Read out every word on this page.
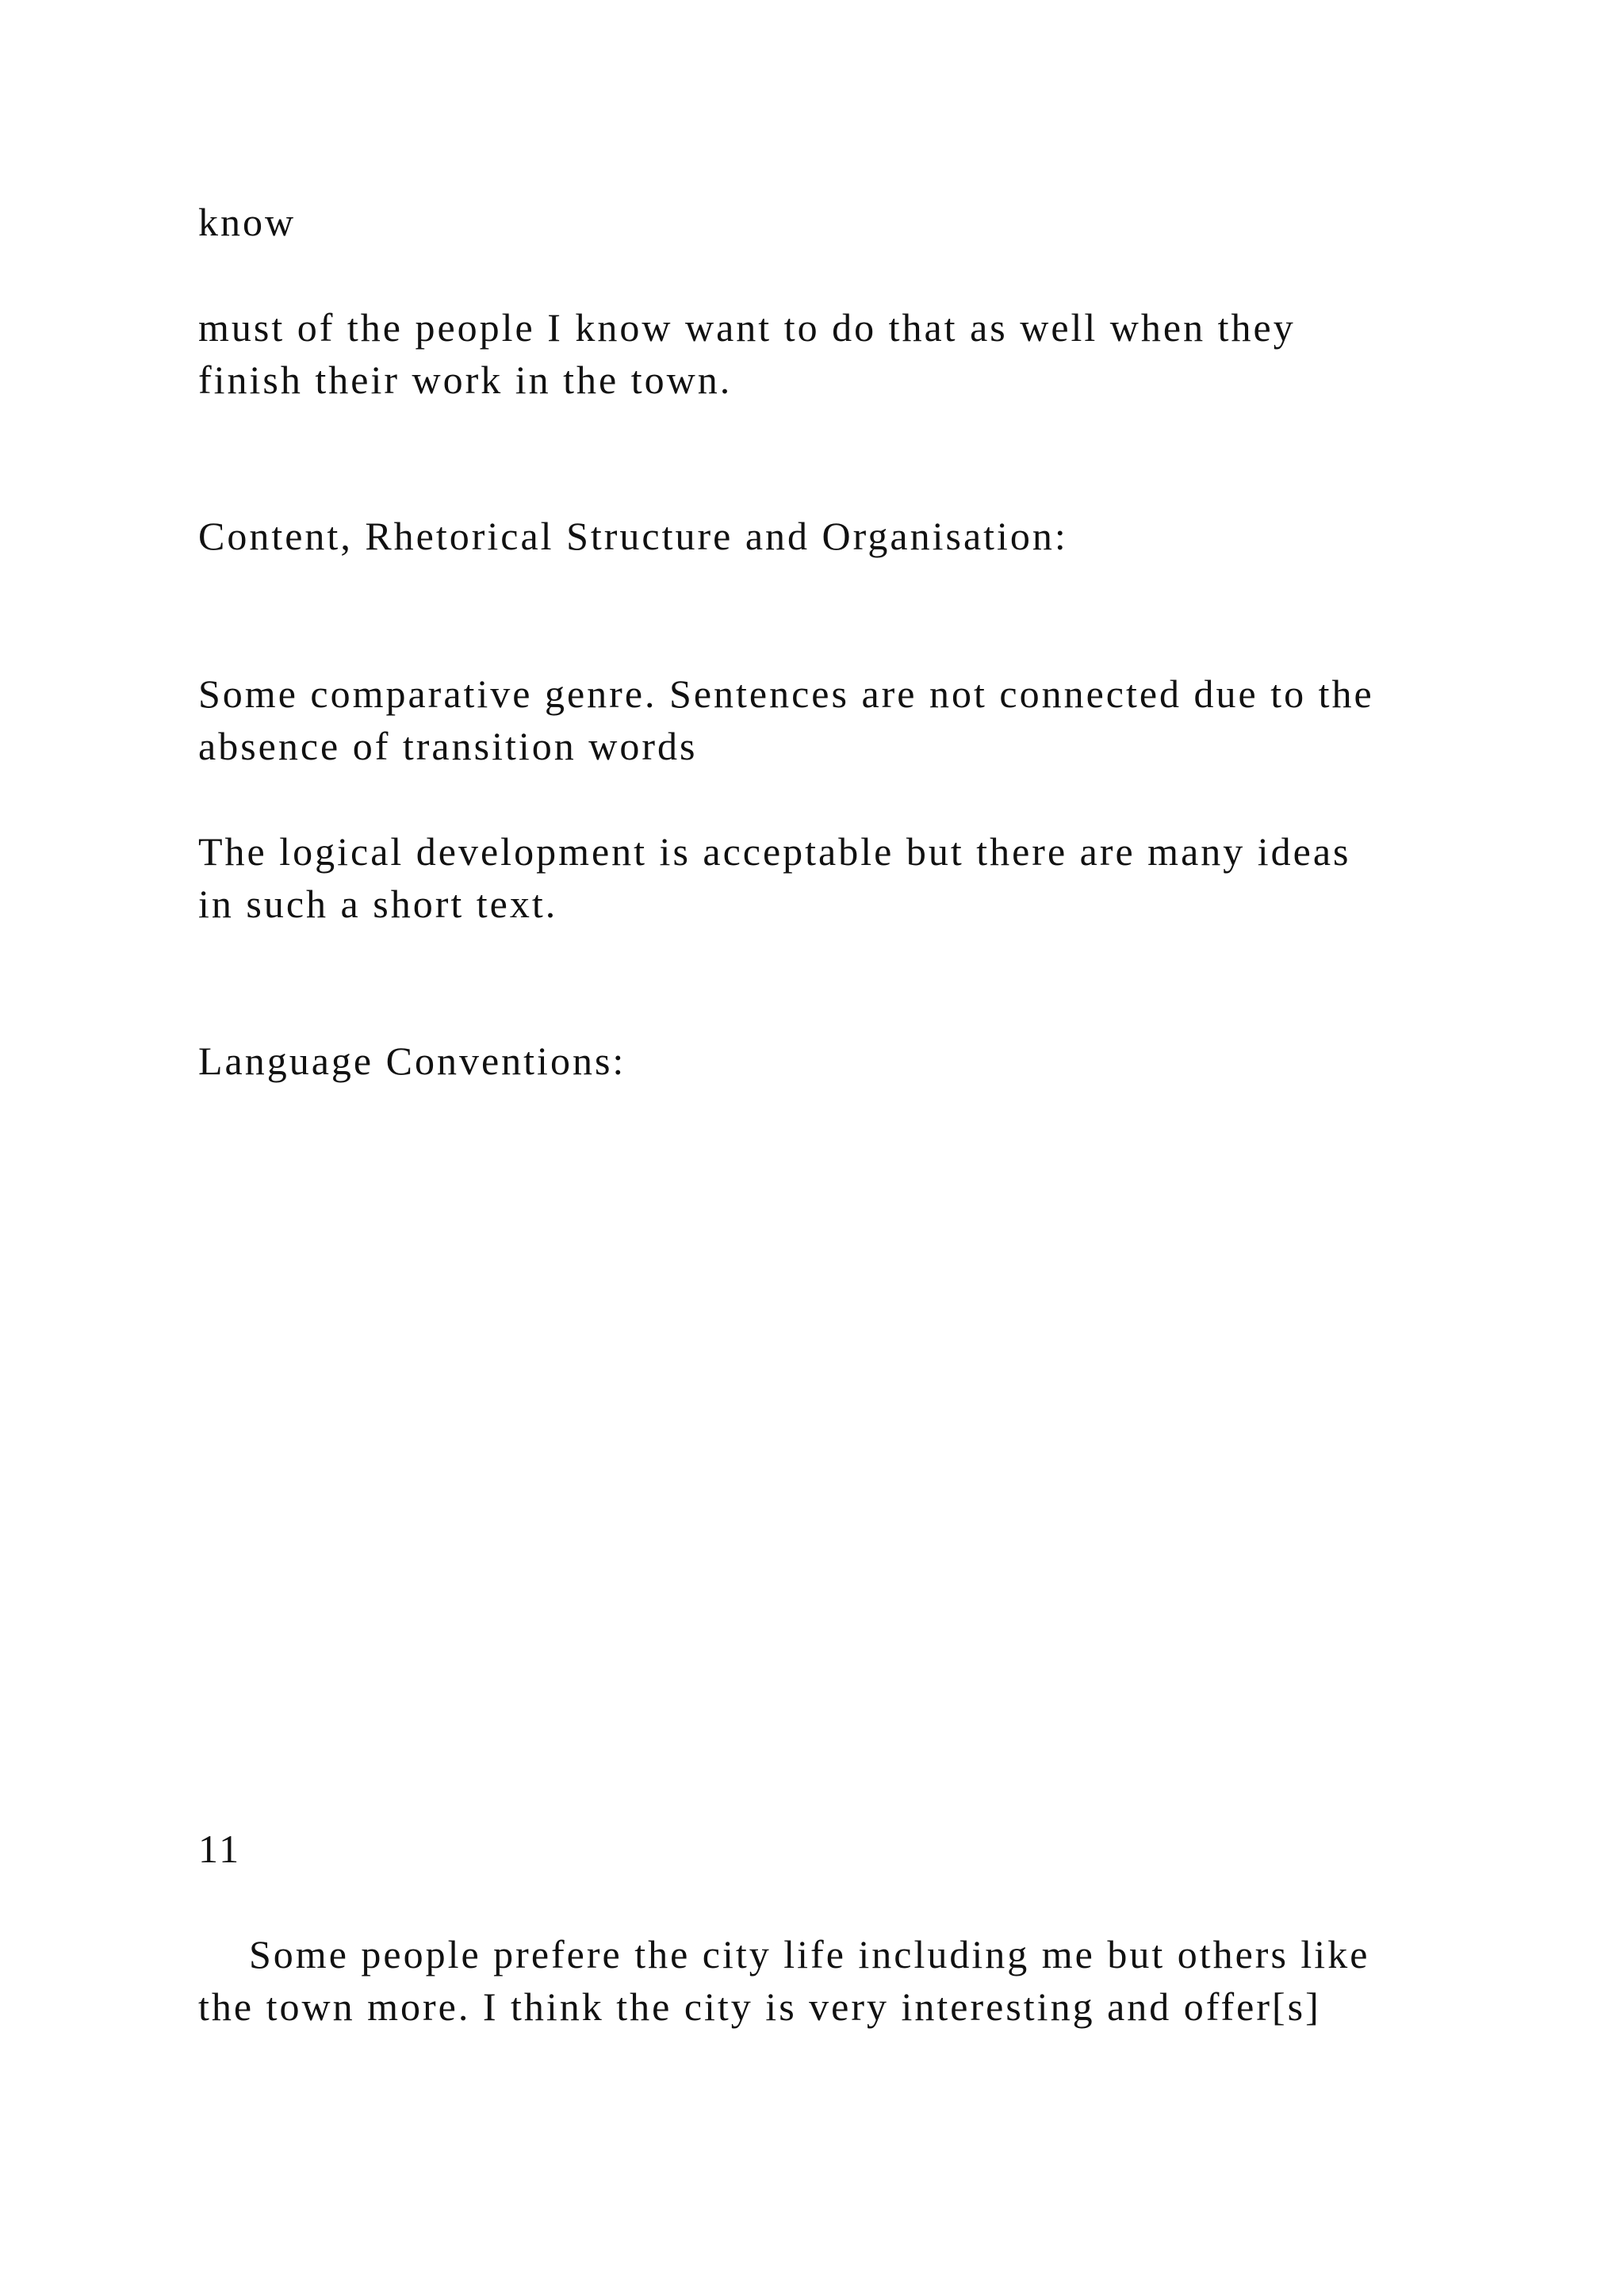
know

must of the people I know want to do that as well when they

finish their work in the town.

Content, Rhetorical Structure and Organisation:

Some comparative genre. Sentences are not connected due to the

absence of transition words

The logical development is acceptable but there are many ideas

in such a short text.

Language Conventions:

11

Some people prefere the city life including me but others like

the town more. I think the city is very interesting and offer[s]
